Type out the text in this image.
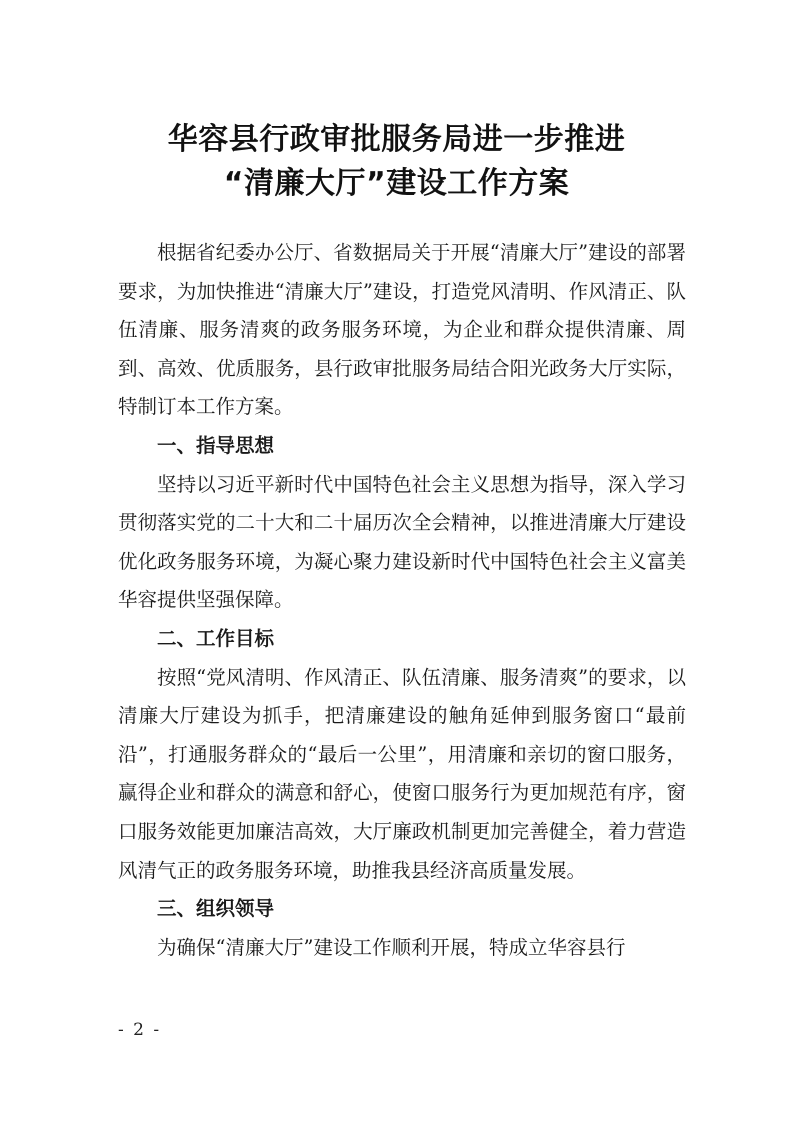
华容县行政审批服务局进一步推进
“清廉大厅”建设工作方案

根据省纪委办公厅、省数据局关于开展“清廉大厅”建设的部署要求，为加快推进“清廉大厅”建设，打造党风清明、作风清正、队伍清廉、服务清爽的政务服务环境，为企业和群众提供清廉、周到、高效、优质服务，县行政审批服务局结合阳光政务大厅实际，特制订本工作方案。

一、指导思想

坚持以习近平新时代中国特色社会主义思想为指导，深入学习贯彻落实党的二十大和二十届历次全会精神，以推进清廉大厅建设优化政务服务环境，为凝心聚力建设新时代中国特色社会主义富美华容提供坚强保障。

二、工作目标

按照“党风清明、作风清正、队伍清廉、服务清爽”的要求，以清廉大厅建设为抓手，把清廉建设的触角延伸到服务窗口“最前沿”，打通服务群众的“最后一公里”，用清廉和亲切的窗口服务，赢得企业和群众的满意和舒心，使窗口服务行为更加规范有序，窗口服务效能更加廉洁高效，大厅廉政机制更加完善健全，着力营造风清气正的政务服务环境，助推我县经济高质量发展。

三、组织领导

为确保“清廉大厅”建设工作顺利开展，特成立华容县行

- 2 -
